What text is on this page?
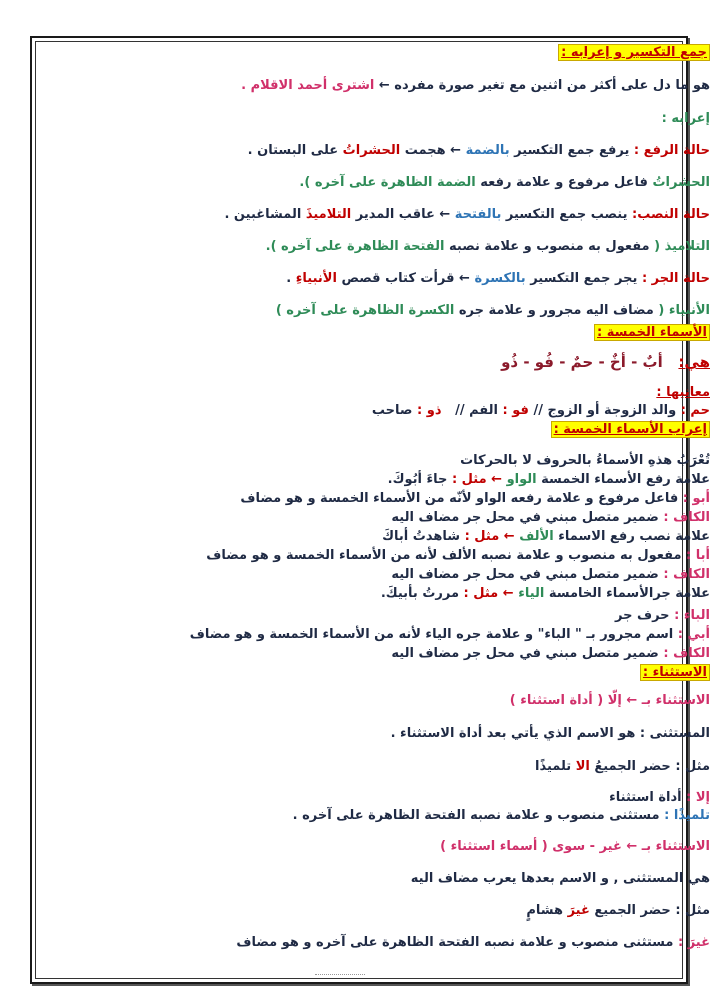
جمع التكسير و إعرابه :
هو ما دل على أكثر من اثنين مع تغير صورة مفرده ← اشترى أحمد الاقلام .
إعرابه :
حالة الرفع : يرفع جمع التكسير بالضمة ← هجمت الحشراتُ على البستان .
الحشراتُ فاعل مرفوع و علامة رفعه الضمة الظاهرة على آخره ).
حالة النصب: ينصب جمع التكسير بالفتحة ← عاقب المدير التلاميذَ المشاغبين .
التلاميذ ( مفعول به منصوب و علامة نصبه الفتحة الظاهرة على آخره ).
حالة الجر : يجر جمع التكسير بالكسرة ← قرأت كتاب قصص الأنبياءِ .
الأنبياء ( مضاف اليه مجرور و علامة جره الكسرة الظاهرة على آخره )
الأسماء الخمسة :
هي:   أبٌ - أخٌ - حمٌ - فُو - ذُو
معانيها :
حم : والد الزوجة أو الزوج // فو : الفم //   ذو : صاحب
إعراب الأسماء الخمسة :
تُعْرَبُ هذهِ الأسماءُ بالحروف لا بالحركات
علامة رفع الأسماء الخمسة الواو ← مثل : جاءَ أبُوكَ.
أبو : فاعل مرفوع و علامة رفعه الواو لأنّه من الأسماء الخمسة و هو مضاف
الكاف : ضمير متصل مبني في محل جر مضاف اليه
علامة نصب رفع الاسماء الألف ← مثل : شاهدتُ أباكَ
أبا : مفعول به منصوب و علامة نصبه الألف لأنه من الأسماء الخمسة و هو مضاف
الكاف : ضمير متصل مبني في محل جر مضاف اليه
علامة جرالأسماء الخامسة الياء ← مثل : مررتُ بأبيكَ.
الباء : حرف جر
أبي : اسم مجرور بـ " الباء" و علامة جره الياء لأنه من الأسماء الخمسة و هو مضاف
الكاف : ضمير متصل مبني في محل جر مضاف اليه
الاستثناء :
الاستثناء بـ ← إلّا ( أداة استثناء )
المستثنى : هو الاسم الذي يأتي بعد أداة الاستثناء .
مثل : حضر الجميعُ الا تلميذًا
إلا : أداة استثناء
تلميذًا : مستثنى منصوب و علامة نصبه الفتحة الظاهرة على آخره .
الاستثناء بـ ← غير - سوى ( أسماء استثناء )
هي المستثنى , و الاسم بعدها يعرب مضاف اليه
مثل : حضر الجميع غيرَ هشامٍ
غيرَ : مستثنى منصوب و علامة نصبه الفتحة الظاهرة على آخره و هو مضاف
